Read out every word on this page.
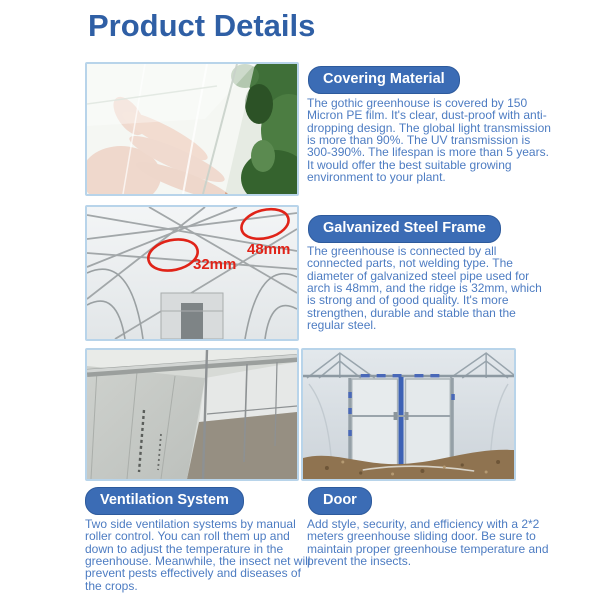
Product Details
Covering Material
The gothic greenhouse is covered by 150 Micron PE film. It's clear, dust-proof with anti-dropping design. The global light transmission is more than 90%. The UV transmission is 300-390%. The lifespan is more than 5 years. It would offer the best suitable growing environment to your plant.
48mm
32mm
Galvanized Steel Frame
The greenhouse is connected by all connected parts, not welding type. The diameter of galvanized steel pipe used for arch is 48mm, and the ridge is 32mm, which is strong and of good quality. It's more strengthen, durable and stable than the regular steel.
Ventilation System
Two side ventilation systems by manual roller control. You can roll them up and down to adjust the temperature in the greenhouse. Meanwhile, the insect net will prevent pests effectively and diseases of the crops.
Door
Add style, security, and efficiency with a 2*2 meters greenhouse sliding door. Be sure to maintain proper greenhouse temperature and prevent the insects.
